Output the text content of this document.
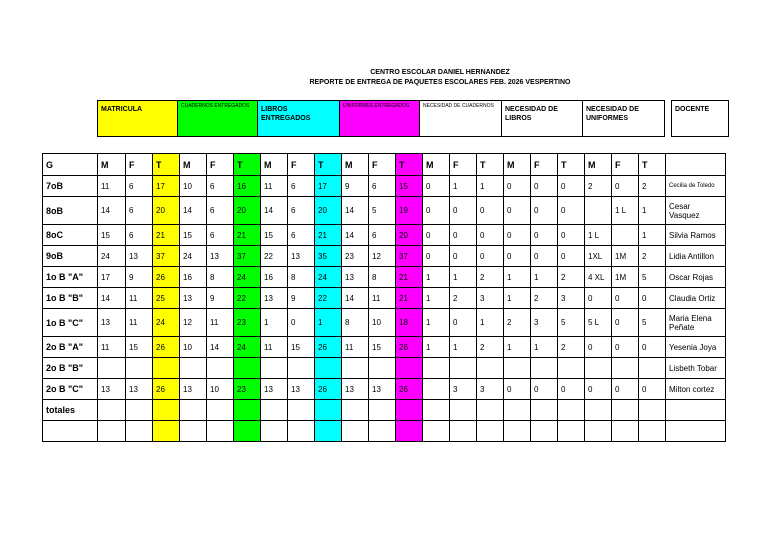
CENTRO ESCOLAR DANIEL HERNANDEZ
REPORTE DE ENTREGA DE PAQUETES ESCOLARES FEB. 2026 VESPERTINO
MATRICULA	CUADERNOS ENTREGADOS	LIBROS ENTREGADOS	UNIFORMES ENTREGADOS	NECESIDAD DE CUADERNOS	NECESIDAD DE LIBROS	NECESIDAD DE UNIFORMES		DOCENTE
G	M	F	T	M	F	T	M	F	T	M	F	T	M	F	T	M	F	T	M	F	T	
7oB	11	6	17	10	6	16	11	6	17	9	6	15	0	1	1	0	0	0	2	0	2	Cecilia de Toledo
8oB	14	6	20	14	6	20	14	6	20	14	5	19	0	0	0	0	0	0		1 L	1	Cesar Vasquez
8oC	15	6	21	15	6	21	15	6	21	14	6	20	0	0	0	0	0	0	1 L		1	Silvia Ramos
9oB	24	13	37	24	13	37	22	13	35	23	12	37	0	0	0	0	0	0	1XL	1M	2	Lidia Antillon
1o B "A"	17	9	26	16	8	24	16	8	24	13	8	21	1	1	2	1	1	2	4 XL	1M	5	Oscar Rojas
1o B "B"	14	11	25	13	9	22	13	9	22	14	11	21	1	2	3	1	2	3	0	0	0	Claudia Ortiz
1o B "C"	13	11	24	12	11	23	1	0	1	8	10	18	1	0	1	2	3	5	5 L	0	5	Maria Elena Peñate
2o B "A"	11	15	26	10	14	24	11	15	26	11	15	26	1	1	2	1	1	2	0	0	0	Yesenia Joya
2o B "B"																						Lisbeth Tobar
2o B "C"	13	13	26	13	10	23	13	13	26	13	13	26		3	3	0	0	0	0	0	0	Milton cortez
totales																						
